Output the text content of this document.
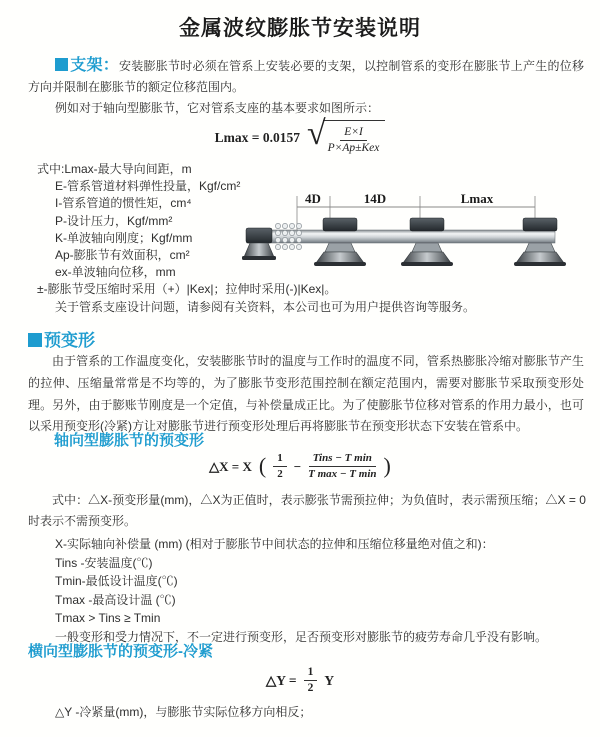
金属波纹膨胀节安装说明

支架：安装膨胀节时必须在管系上安装必要的支架，以控制管系的变形在膨胀节上产生的位移方向并限制在膨胀节的额定位移范围内。

例如对于轴向型膨胀节，它对管系支座的基本要求如图所示：

Lmax = 0.0157 √	E×I
P×Ap±Kex
式中:Lmax-最大导向间距，m
E-管系管道材料弹性投量，Kgf/cm²
I-管系管道的惯性矩，cm⁴
P-设计压力，Kgf/mm²
K-单波轴向刚度；Kgf/mm
Ap-膨胀节有效面积，cm²
ex-单波轴向位移，mm
±-膨胀节受压缩时采用（+）|Kex|；拉伸时采用(-)|Kex|。
关于管系支座设计问题，请参阅有关资料，本公司也可为用户提供咨询等服务。
4D	14D	Lmax
预变形

由于管系的工作温度变化，安装膨胀节时的温度与工作时的温度不同，管系热膨胀冷缩对膨胀节产生的拉伸、压缩量常常是不均等的，为了膨胀节变形范围控制在额定范围内，需要对膨胀节采取预变形处理。另外，由于膨账节刚度是一个定值，与补偿量成正比。为了使膨胀节位移对管系的作用力最小，也可以采用预变形(冷紧)方让对膨胀节进行预变形处理后再将膨胀节在预变形状态下安装在管系中。

轴向型膨胀节的预变形
△X = X ( $\frac{1}{2}$ −
Tins − T min
T max − T min )

式中：△X-预变形量(mm)，△X为正值时，表示膨张节需预拉伸；为负值时，表示需预压缩；△X = 0时表示不需预变形。

X-实际轴向补偿量 (mm) (相对于膨胀节中间状态的拉伸和压缩位移量绝对值之和)：
Tins -安装温度(℃)
Tmin-最低设计温度(℃)
Tmax -最高设计温 (℃)
Tmax > Tins ≥ Tmin
一般变形和受力情况下，不一定进行预变形，足否预变形对膨胀节的疲劳寿命几乎没有影响。
横向型膨胀节的预变形-冷紧
△Y = $\frac{1}{2}$ Y

△Y -冷紧量(mm)，与膨胀节实际位移方向相反；
